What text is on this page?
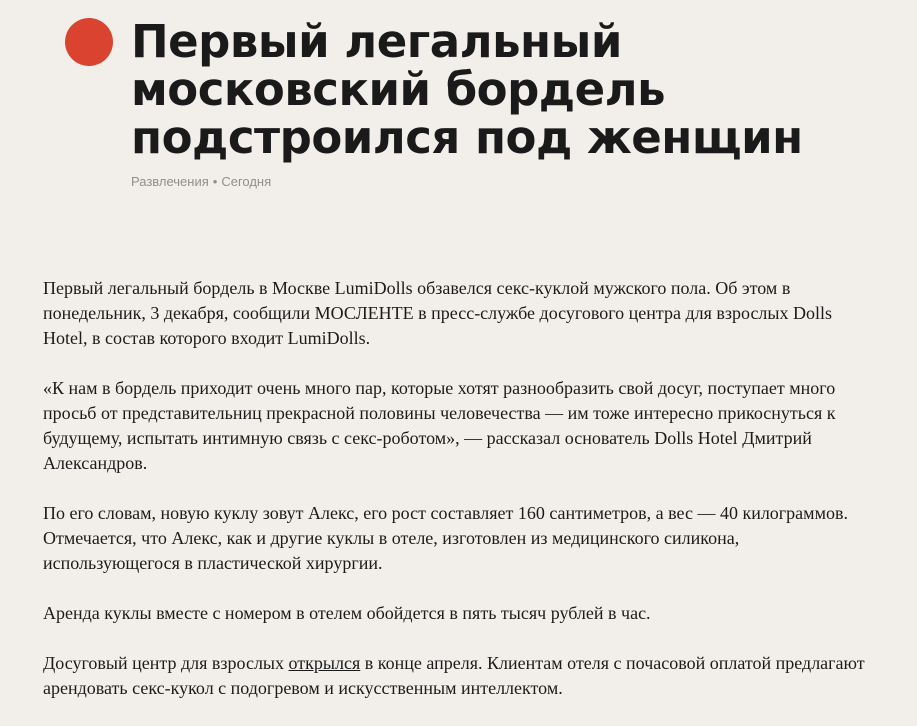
Первый легальный московский бордель подстроился под женщин
Развлечения • Сегодня

Первый легальный бордель в Москве LumiDolls обзавелся секс-куклой мужского пола. Об этом в понедельник, 3 декабря, сообщили МОСЛЕНТЕ в пресс-службе досугового центра для взрослых Dolls Hotel, в состав которого входит LumiDolls.

«К нам в бордель приходит очень много пар, которые хотят разнообразить свой досуг, поступает много просьб от представительниц прекрасной половины человечества — им тоже интересно прикоснуться к будущему, испытать интимную связь с секс-роботом», — рассказал основатель Dolls Hotel Дмитрий Александров.

По его словам, новую куклу зовут Алекс, его рост составляет 160 сантиметров, а вес — 40 килограммов. Отмечается, что Алекс, как и другие куклы в отеле, изготовлен из медицинского силикона, использующегося в пластической хирургии.

Аренда куклы вместе с номером в отелем обойдется в пять тысяч рублей в час.

Досуговый центр для взрослых открылся в конце апреля. Клиентам отеля с почасовой оплатой предлагают арендовать секс-кукол с подогревом и искусственным интеллектом.
